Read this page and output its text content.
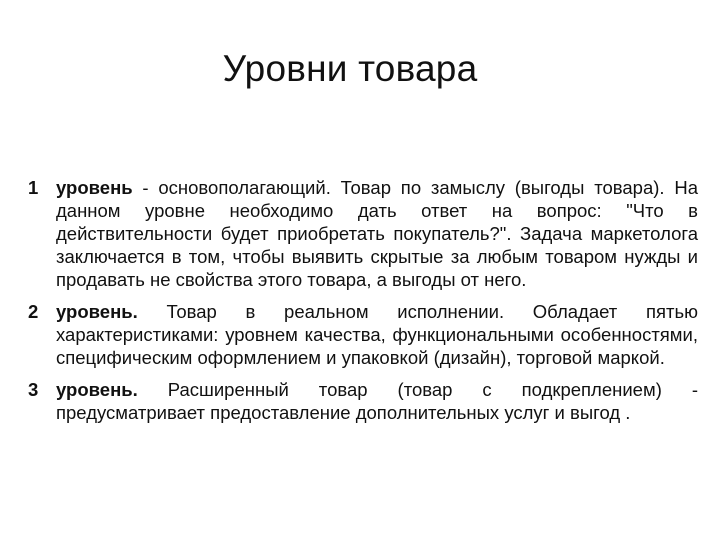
Уровни товара
1 уровень - основополагающий. Товар по замыслу (выгоды товара). На данном уровне необходимо дать ответ на вопрос: "Что в действительности будет приобретать покупатель?". Задача маркетолога заключается в том, чтобы выявить скрытые за любым товаром нужды и продавать не свойства этого товара, а выгоды от него.
2 уровень. Товар в реальном исполнении. Обладает пятью характеристиками: уровнем качества, функциональными особенностями, специфическим оформлением и упаковкой (дизайн), торговой маркой.
3 уровень. Расширенный товар (товар с подкреплением) - предусматривает предоставление дополнительных услуг и выгод .
